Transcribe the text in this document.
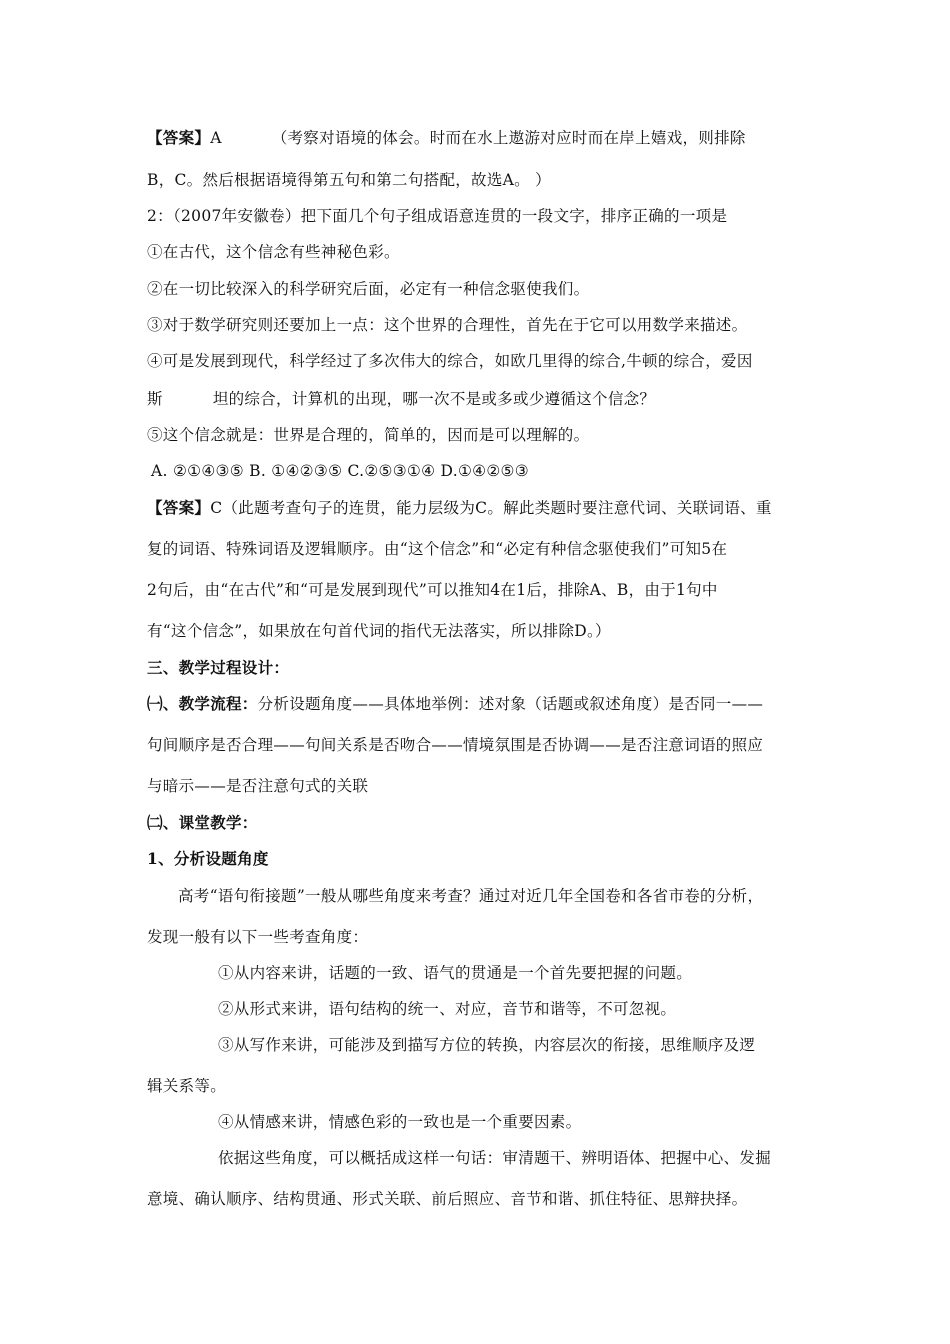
【答案】A	（考察对语境的体会。时而在水上遨游对应时而在岸上嬉戏，则排除
B，C。然后根据语境得第五句和第二句搭配，故选A。 ）
2：（2007年安徽卷）把下面几个句子组成语意连贯的一段文字，排序正确的一项是
①在古代，这个信念有些神秘色彩。
②在一切比较深入的科学研究后面，必定有一种信念驱使我们。
③对于数学研究则还要加上一点：这个世界的合理性，首先在于它可以用数学来描述。
④可是发展到现代，科学经过了多次伟大的综合，如欧几里得的综合,牛顿的综合，爱因
斯	坦的综合，计算机的出现，哪一次不是或多或少遵循这个信念？
⑤这个信念就是：世界是合理的，简单的，因而是可以理解的。
A. ②①④③⑤ B. ①④②③⑤ C.②⑤③①④ D.①④②⑤③
【答案】C（此题考查句子的连贯，能力层级为C。解此类题时要注意代词、关联词语、重
复的词语、特殊词语及逻辑顺序。由“这个信念”和“必定有种信念驱使我们”可知5在
2句后，由“在古代”和“可是发展到现代”可以推知4在1后，排除A、B，由于1句中
有“这个信念”，如果放在句首代词的指代无法落实，所以排除D。）
三、教学过程设计：
㈠、教学流程：分析设题角度——具体地举例：述对象（话题或叙述角度）是否同一——
句间顺序是否合理——句间关系是否吻合——情境氛围是否协调——是否注意词语的照应
与暗示——是否注意句式的关联
㈡、课堂教学：
1、分析设题角度
高考“语句衔接题”一般从哪些角度来考查？通过对近几年全国卷和各省市卷的分析，
发现一般有以下一些考查角度：
①从内容来讲，话题的一致、语气的贯通是一个首先要把握的问题。
②从形式来讲，语句结构的统一、对应，音节和谐等，不可忽视。
③从写作来讲，可能涉及到描写方位的转换，内容层次的衔接，思维顺序及逻
辑关系等。
④从情感来讲，情感色彩的一致也是一个重要因素。
依据这些角度，可以概括成这样一句话：审清题干、辨明语体、把握中心、发掘
意境、确认顺序、结构贯通、形式关联、前后照应、音节和谐、抓住特征、思辩抉择。
